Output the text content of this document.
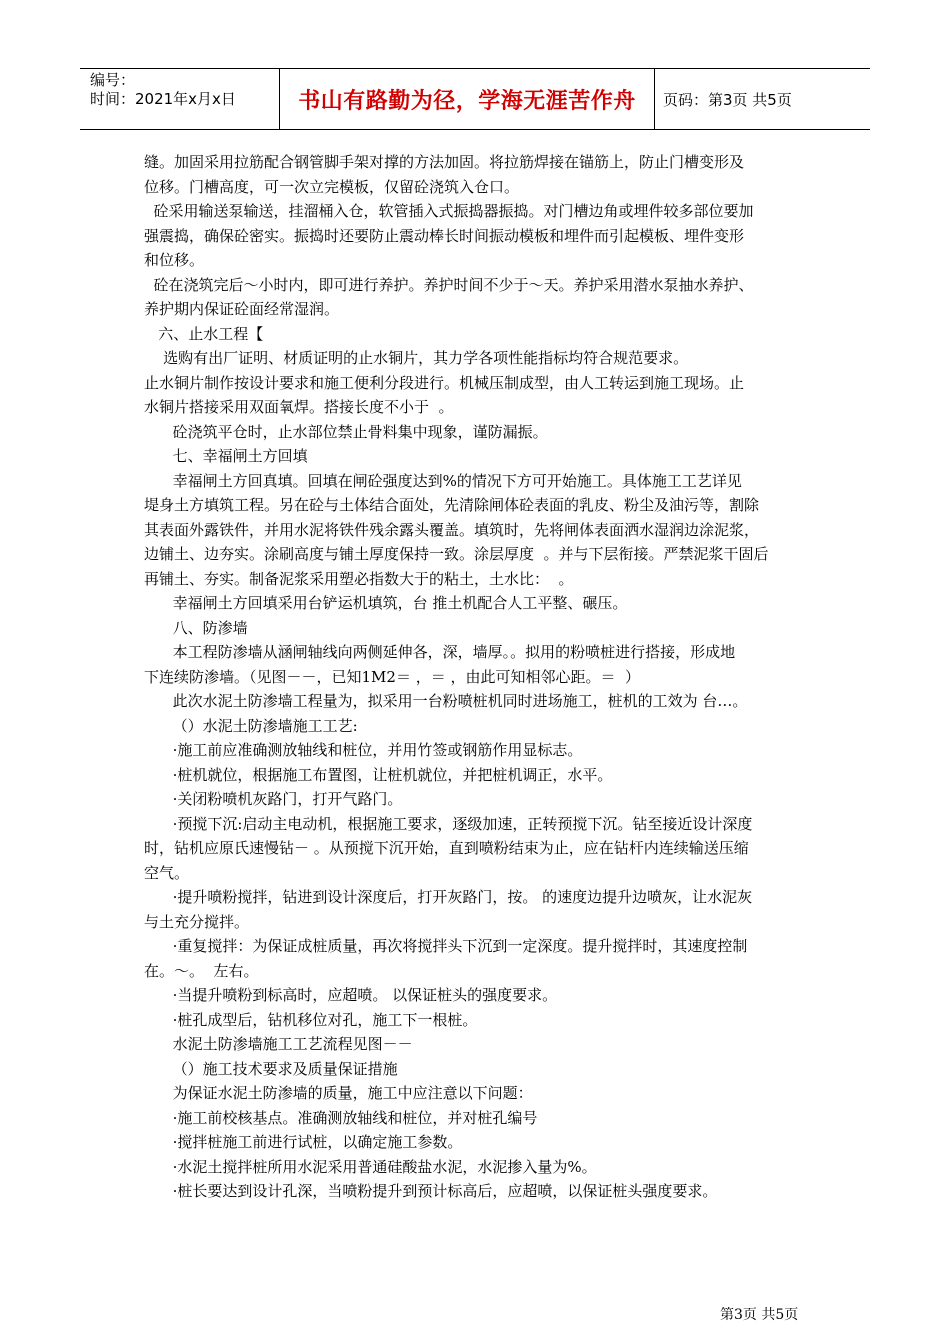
编号：
时间：2021年x月x日	书山有路勤为径，学海无涯苦作舟	页码：第3页 共5页

缝。加固采用拉筋配合钢管脚手架对撑的方法加固。将拉筋焊接在锚筋上，防止门槽变形及

位移。门槽高度，可一次立完模板，仅留砼浇筑入仓口。

砼采用输送泵输送，挂溜桶入仓，软管插入式振捣器振捣。对门槽边角或埋件较多部位要加

强震捣，确保砼密实。振捣时还要防止震动棒长时间振动模板和埋件而引起模板、埋件变形

和位移。

砼在浇筑完后～小时内，即可进行养护。养护时间不少于～天。养护采用潜水泵抽水养护、

养护期内保证砼面经常湿润。

六、止水工程【

选购有出厂证明、材质证明的止水铜片，其力学各项性能指标均符合规范要求。

止水铜片制作按设计要求和施工便利分段进行。机械压制成型，由人工转运到施工现场。止

水铜片搭接采用双面氧焊。搭接长度不小于  。

砼浇筑平仓时，止水部位禁止骨料集中现象，谨防漏振。

七、幸福闸土方回填

幸福闸土方回真填。回填在闸砼强度达到%的情况下方可开始施工。具体施工工艺详见

堤身土方填筑工程。另在砼与土体结合面处，先清除闸体砼表面的乳皮、粉尘及油污等，割除

其表面外露铁件，并用水泥将铁件残余露头覆盖。填筑时，先将闸体表面洒水湿润边涂泥浆，

边铺土、边夯实。涂刷高度与铺土厚度保持一致。涂层厚度  。并与下层衔接。严禁泥浆干固后

再铺土、夯实。制备泥浆采用塑必指数大于的粘土，土水比：  。

幸福闸土方回填采用台铲运机填筑，台 推土机配合人工平整、碾压。

八、防渗墙

本工程防渗墙从涵闸轴线向两侧延伸各，深，墙厚。。拟用的粉喷桩进行搭接，形成地

下连续防渗墙。（见图－－，已知1M2＝ ，＝ ，由此可知相邻心距。＝  ）

此次水泥土防渗墙工程量为，拟采用一台粉喷桩机同时进场施工，桩机的工效为 台…。

（）水泥土防渗墙施工工艺:

·施工前应准确测放轴线和桩位，并用竹签或钢筋作用显标志。

·桩机就位，根据施工布置图，让桩机就位，并把桩机调正，水平。

·关闭粉喷机灰路门，打开气路门。

·预搅下沉:启动主电动机，根据施工要求，逐级加速，正转预搅下沉。钻至接近设计深度

时，钻机应原氏速慢钻－ 。从预搅下沉开始，直到喷粉结束为止，应在钻杆内连续输送压缩

空气。

·提升喷粉搅拌，钻进到设计深度后，打开灰路门，按。 的速度边提升边喷灰，让水泥灰

与土充分搅拌。

·重复搅拌：为保证成桩质量，再次将搅拌头下沉到一定深度。提升搅拌时，其速度控制

在。～。  左右。

·当提升喷粉到标高时，应超喷。 以保证桩头的强度要求。

·桩孔成型后，钻机移位对孔，施工下一根桩。

水泥土防渗墙施工工艺流程见图－－

（）施工技术要求及质量保证措施

为保证水泥土防渗墙的质量，施工中应注意以下问题：

·施工前校核基点。准确测放轴线和桩位，并对桩孔编号

·搅拌桩施工前进行试桩，以确定施工参数。

·水泥土搅拌桩所用水泥采用普通硅酸盐水泥，水泥掺入量为%。

·桩长要达到设计孔深，当喷粉提升到预计标高后，应超喷，以保证桩头强度要求。

第3页 共5页
